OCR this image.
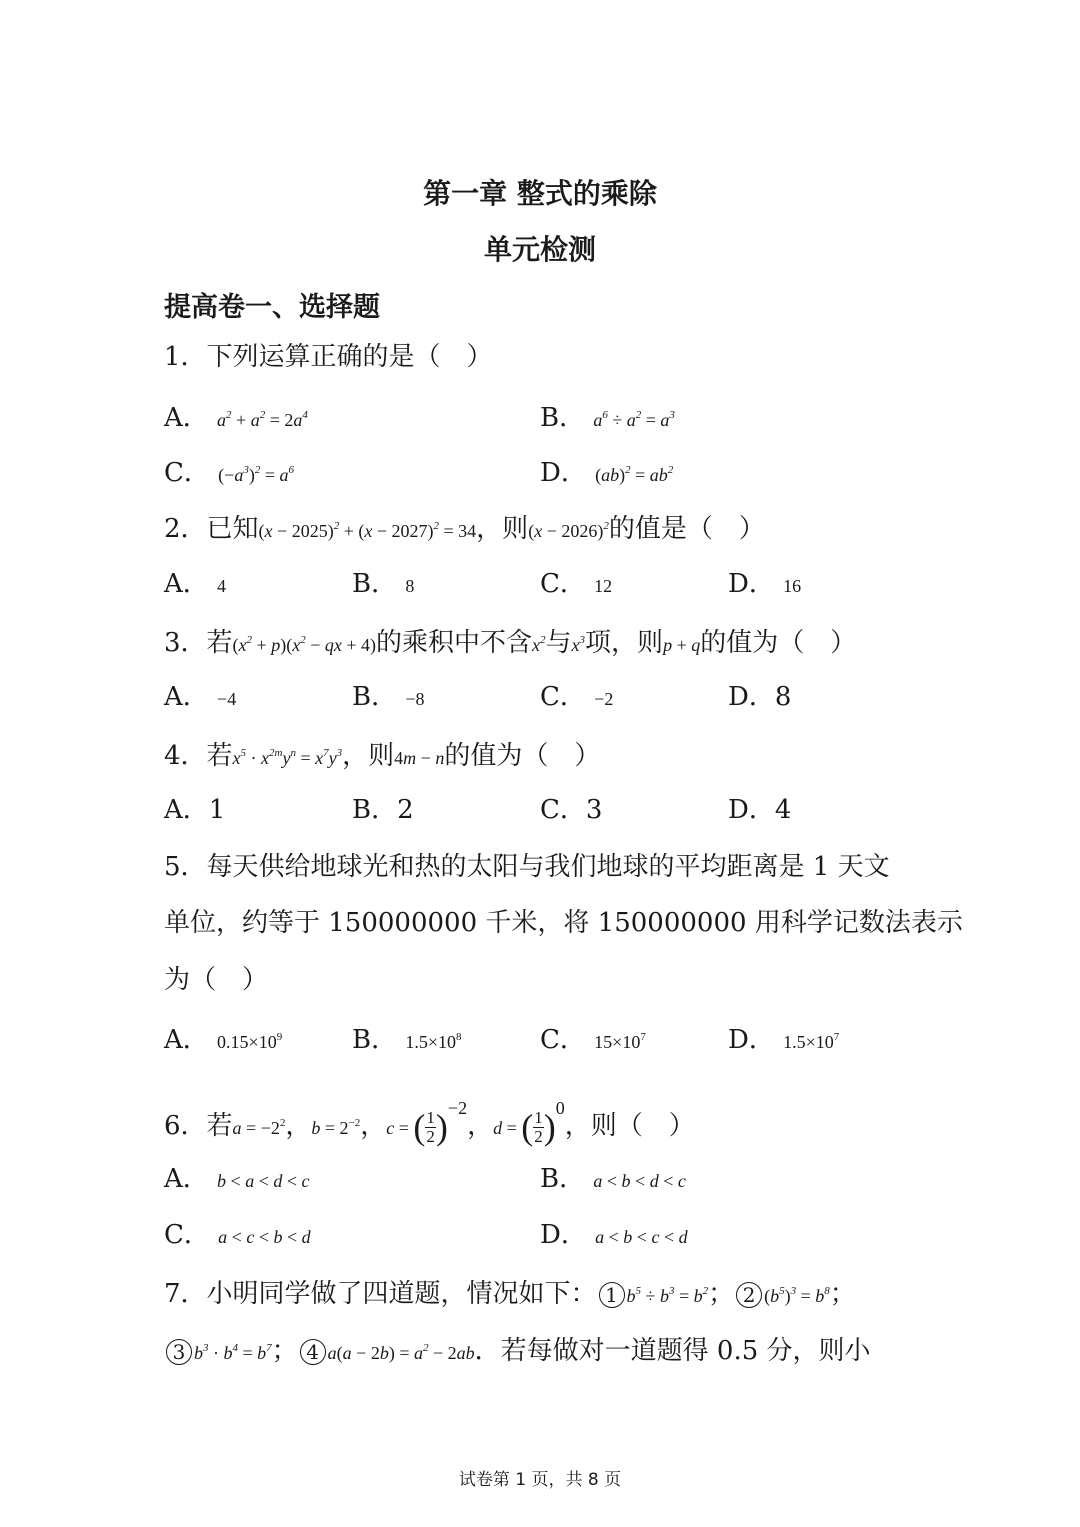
第一章 整式的乘除
单元检测
提高卷一、选择题
1．下列运算正确的是（　）
A． $a^2 + a^2 = 2a^4$	B． $a^6 \div a^2 = a^3$
C． $(-a^3)^2 = a^6$	D． $(ab)^2 = ab^2$
2．已知$(x - 2025)^2 + (x - 2027)^2 = 34$，则$(x - 2026)^2$的值是（　）
A． 4	B． 8	C． 12	D． 16
3．若$(x^2 + p)(x^2$ − qx + 4)的乘积中不含$x^2$与$x^3$项，则p + q的值为（　）
A． −4	B． −8	C． −2	D．8
4．若$x^5 \cdot x^{2m}y^n = x^7y^3$，则4m − n的值为（　）
A．1	B．2	C．3	D．4
5．每天供给地球光和热的太阳与我们地球的平均距离是 1 天文
单位，约等于 150000000 千米，将 150000000 用科学记数法表示
为（　）
A． $0.15\times 10^9$	B． $1.5\times 10^8$	C． $15\times 10^7$	D． $1.5\times 10^7$
6．若$a = -2^2$，$b = 2^{-2}$，c = ( $\frac{1}{2} )^{-2}$，d = ( $\frac{1}{2} )^0$，则（　）
A． b < a < d < c	B． a < b < d < c
C． a < c < b < d	D． a < b < c < d
7．小明同学做了四道题，情况如下： 1 $b^5 \div b^3 = b^2$； 2 $(b^5)^3 = b^8$；
3 $b^3 \cdot b^4 = b^7$； 4 $a(a - 2b) = a^2 - 2ab$．若每做对一道题得 0.5 分，则小
试卷第 1 页，共 8 页
